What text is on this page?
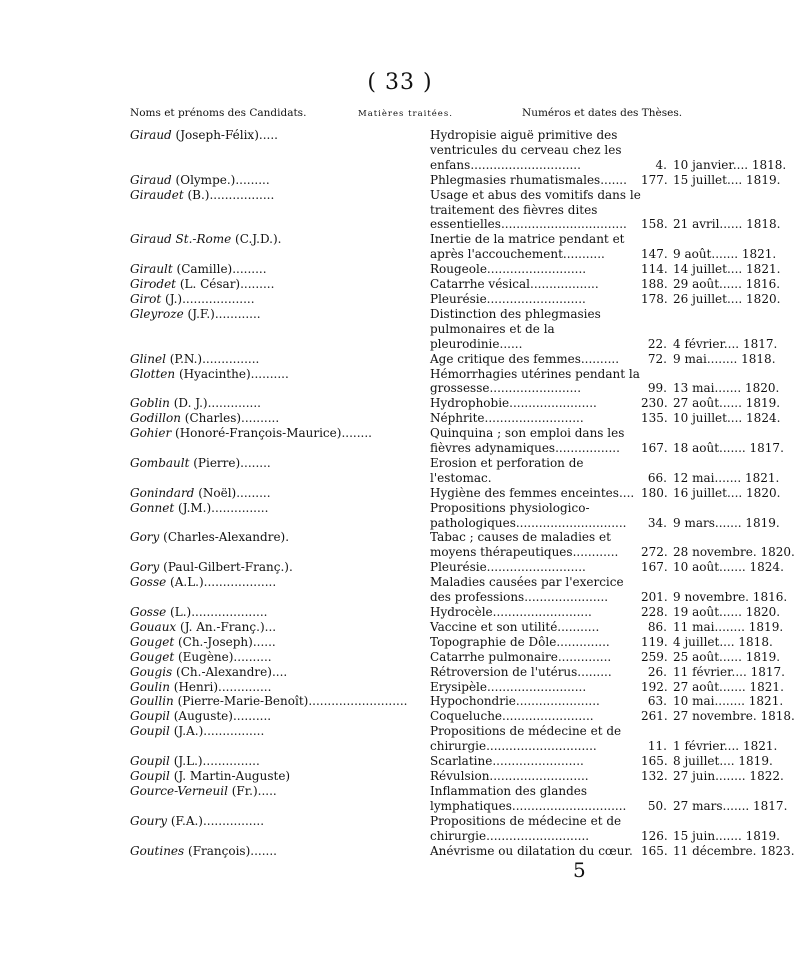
( 33 )
Noms et prénoms des Candidats.	Matières traitées.	Numéros et dates des Thèses.
Giraud (Joseph-Félix).....	Hydropisie aiguë primitive des ventricules du cerveau chez les enfans.............................	4. 10 janvier.... 1818.
Giraud (Olympe.).........	Phlegmasies rhumatismales.......	177. 15 juillet.... 1819.
Giraudet (B.).................	Usage et abus des vomitifs dans le traitement des fièvres dites essentielles.................................	158. 21 avril...... 1818.
Giraud St.-Rome (C.J.D.).	Inertie de la matrice pendant et après l'accouchement...........	147. 9 août....... 1821.
Girault (Camille).........	Rougeole..........................	114. 14 juillet.... 1821.
Girodet (L. César).........	Catarrhe vésical..................	188. 29 août...... 1816.
Girot (J.)...................	Pleurésie..........................	178. 26 juillet.... 1820.
Gleyroze (J.F.)............	Distinction des phlegmasies pulmonaires et de la pleurodinie......	22. 4 février.... 1817.
Glinel (P.N.)...............	Age critique des femmes..........	72. 9 mai........ 1818.
Glotten (Hyacinthe)..........	Hémorrhagies utérines pendant la grossesse........................	99. 13 mai....... 1820.
Goblin (D. J.)..............	Hydrophobie.......................	230. 27 août...... 1819.
Godillon (Charles)..........	Néphrite..........................	135. 10 juillet.... 1824.
Gohier (Honoré-François-Maurice)........	Quinquina ; son emploi dans les fièvres adynamiques.................	167. 18 août....... 1817.
Gombault (Pierre)........	Erosion et perforation de l'estomac.	66. 12 mai....... 1821.
Gonindard (Noël).........	Hygiène des femmes enceintes.... 180. 16 juillet.... 1820.
Gonnet (J.M.)...............	Propositions physiologico-pathologiques.............................	34. 9 mars....... 1819.
Gory (Charles-Alexandre).	Tabac ; causes de maladies et moyens thérapeutiques............	272. 28 novembre. 1820.
Gory (Paul-Gilbert-Franç.).	Pleurésie..........................	167. 10 août....... 1824.
Gosse (A.L.)...................	Maladies causées par l'exercice des professions......................	201. 9 novembre. 1816.
Gosse (L.)....................	Hydrocèle..........................	228. 19 août...... 1820.
Gouaux (J. An.-Franç.)...	Vaccine et son utilité...........	86. 11 mai........ 1819.
Gouget (Ch.-Joseph)......	Topographie de Dôle..............	119. 4 juillet.... 1818.
Gouget (Eugène)..........	Catarrhe pulmonaire..............	259. 25 août...... 1819.
Gougis (Ch.-Alexandre)....	Rétroversion de l'utérus.........	26. 11 février.... 1817.
Goulin (Henri)..............	Erysipèle..........................	192. 27 août....... 1821.
Goullin (Pierre-Marie-Benoît)..........................	Hypochondrie......................	63. 10 mai........ 1821.
Goupil (Auguste)..........	Coqueluche........................	261. 27 novembre. 1818.
Goupil (J.A.)................	Propositions de médecine et de chirurgie.............................	11. 1 février.... 1821.
Goupil (J.L.)...............	Scarlatine........................	165. 8 juillet.... 1819.
Goupil (J. Martin-Auguste)	Révulsion..........................	132. 27 juin........ 1822.
Gource-Verneuil (Fr.).....	Inflammation des glandes lymphatiques..............................	50. 27 mars....... 1817.
Goury (F.A.)................	Propositions de médecine et de chirurgie...........................	126. 15 juin....... 1819.
Goutines (François).......	Anévrisme ou dilatation du cœur. 165. 11 décembre. 1823.
5
